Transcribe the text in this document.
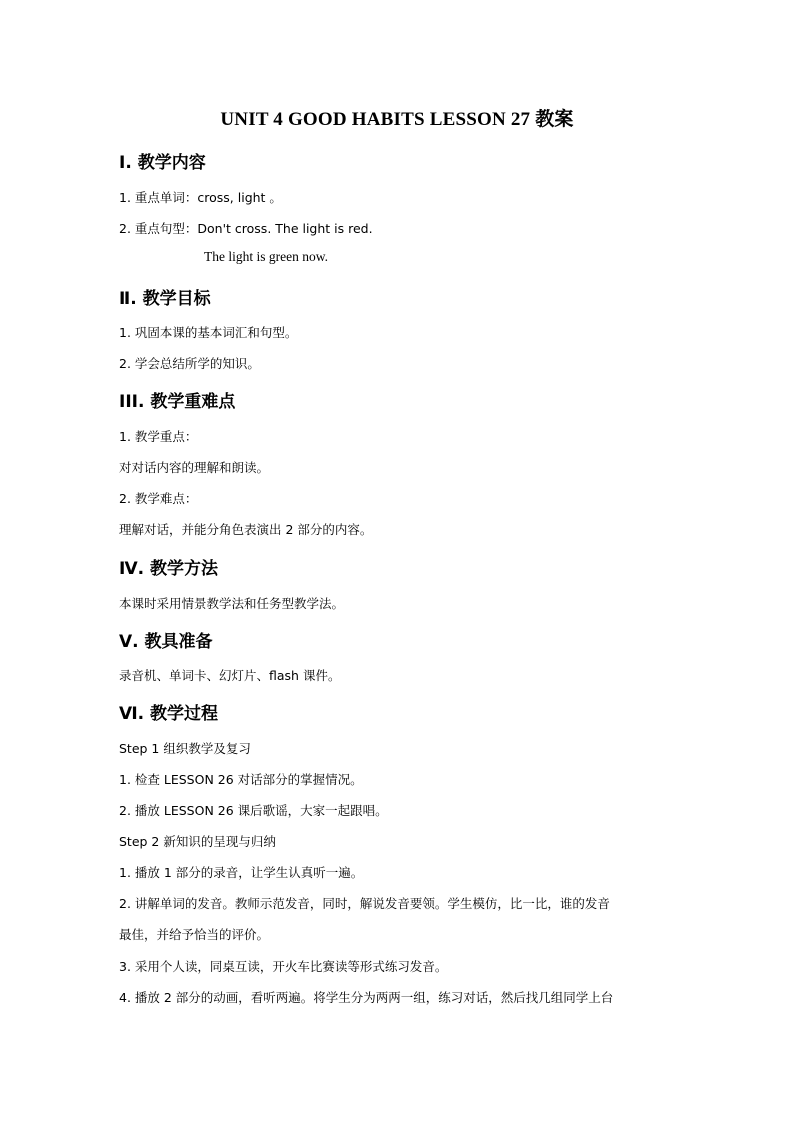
UNIT 4 GOOD HABITS LESSON 27 教案
Ⅰ. 教学内容
1. 重点单词：cross, light 。
2. 重点句型：Don't cross. The light is red.
The light is green now.
Ⅱ. 教学目标
1. 巩固本课的基本词汇和句型。
2. 学会总结所学的知识。
III. 教学重难点
1. 教学重点：
对对话内容的理解和朗读。
2. 教学难点：
理解对话，并能分角色表演出 2 部分的内容。
Ⅳ. 教学方法
本课时采用情景教学法和任务型教学法。
Ⅴ. 教具准备
录音机、单词卡、幻灯片、flash 课件。
Ⅵ. 教学过程
Step 1 组织教学及复习
1. 检查 LESSON 26 对话部分的掌握情况。
2. 播放 LESSON 26 课后歌谣，大家一起跟唱。
Step 2 新知识的呈现与归纳
1. 播放 1 部分的录音，让学生认真听一遍。
2. 讲解单词的发音。教师示范发音，同时，解说发音要领。学生模仿，比一比，谁的发音
最佳，并给予恰当的评价。
3. 采用个人读，同桌互读，开火车比赛读等形式练习发音。
4. 播放 2 部分的动画，看听两遍。将学生分为两两一组，练习对话，然后找几组同学上台
